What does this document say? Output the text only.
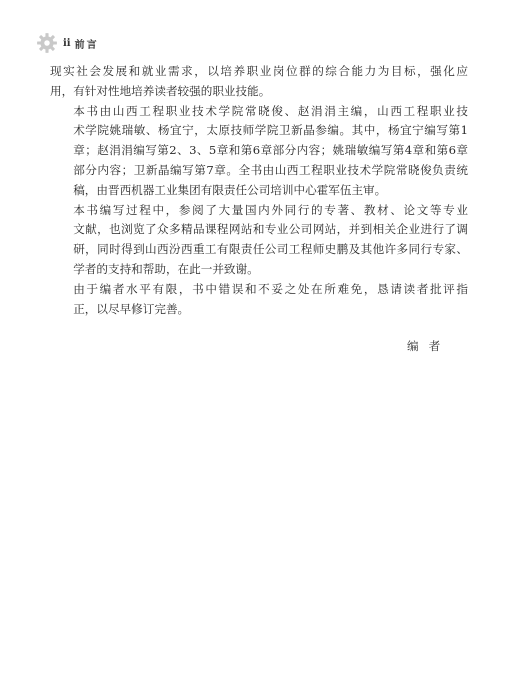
ii 前言

现实社会发展和就业需求，以培养职业岗位群的综合能力为目标，强化应
用，有针对性地培养读者较强的职业技能。

本书由山西工程职业技术学院常晓俊、赵涓涓主编，山西工程职业技
术学院姚瑞敏、杨宜宁，太原技师学院卫新晶参编。其中，杨宜宁编写第1
章；赵涓涓编写第2、3、5章和第6章部分内容；姚瑞敏编写第4章和第6章
部分内容；卫新晶编写第7章。全书由山西工程职业技术学院常晓俊负责统
稿，由晋西机器工业集团有限责任公司培训中心霍军伍主审。

本书编写过程中，参阅了大量国内外同行的专著、教材、论文等专业
文献，也浏览了众多精品课程网站和专业公司网站，并到相关企业进行了调
研，同时得到山西汾西重工有限责任公司工程师史鹏及其他许多同行专家、
学者的支持和帮助，在此一并致谢。

由于编者水平有限，书中错误和不妥之处在所难免，恳请读者批评指
正，以尽早修订完善。

编者
